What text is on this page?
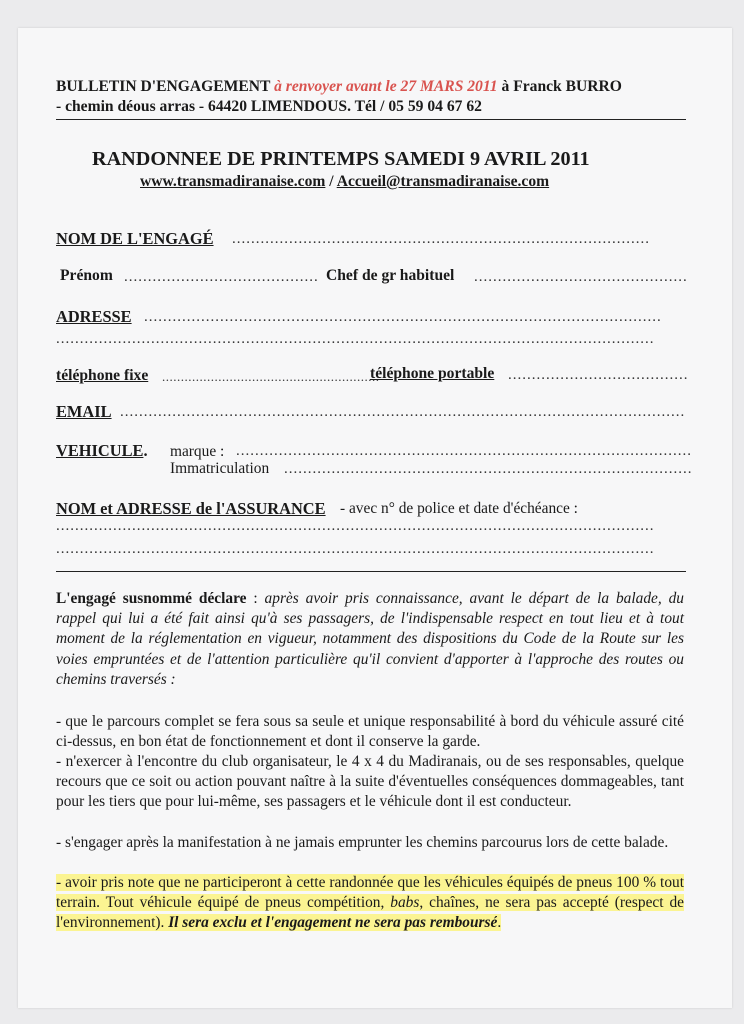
BULLETIN D'ENGAGEMENT à renvoyer avant le 27 MARS 2011 à Franck BURRO
- chemin déous arras - 64420 LIMENDOUS. Tél / 05 59 04 67 62
RANDONNEE DE PRINTEMPS SAMEDI 9 AVRIL 2011
www.transmadiranaise.com / Accueil@transmadiranaise.com
NOM DE L'ENGAGÉ ........................................................................................
Prénom ......................................... Chef de gr habituel .............................................
ADRESSE .............................................................................................................
..............................................................................................................................
téléphone fixe ..........................................................
téléphone portable ......................................
EMAIL .......................................................................................................................
VEHICULE. marque : ................................................................................................
Immatriculation ......................................................................................
NOM et ADRESSE de l'ASSURANCE - avec n° de police et date d'échéance :
..............................................................................................................................
..............................................................................................................................
L'engagé susnommé déclare : après avoir pris connaissance, avant le départ de la balade, du rappel qui lui a été fait ainsi qu'à ses passagers, de l'indispensable respect en tout lieu et à tout moment de la réglementation en vigueur, notamment des dispositions du Code de la Route sur les voies empruntées et de l'attention particulière qu'il convient d'apporter à l'approche des routes ou chemins traversés :
- que le parcours complet se fera sous sa seule et unique responsabilité à bord du véhicule assuré cité ci-dessus, en bon état de fonctionnement et dont il conserve la garde.
- n'exercer à l'encontre du club organisateur, le 4 x 4 du Madiranais, ou de ses responsables, quelque recours que ce soit ou action pouvant naître à la suite d'éventuelles conséquences dommageables, tant pour les tiers que pour lui-même, ses passagers et le véhicule dont il est conducteur.
- s'engager après la manifestation à ne jamais emprunter les chemins parcourus lors de cette balade.
- avoir pris note que ne participeront à cette randonnée que les véhicules équipés de pneus 100 % tout terrain. Tout véhicule équipé de pneus compétition, babs, chaînes, ne sera pas accepté (respect de l'environnement). Il sera exclu et l'engagement ne sera pas remboursé.
